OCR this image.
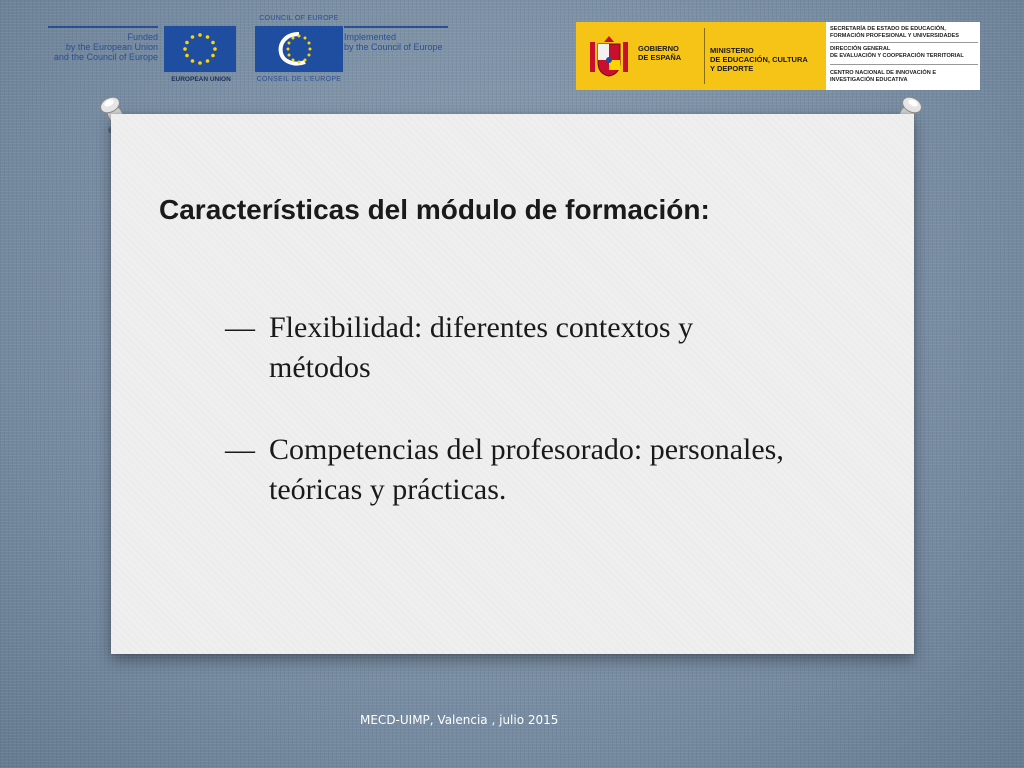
Funded
by the European Union
and the Council of Europe
EUROPEAN UNION
COUNCIL OF EUROPE
CONSEIL DE L'EUROPE
Implemented
by the Council of Europe	GOBIERNO
DE ESPAÑA
MINISTERIO
DE EDUCACIÓN, CULTURA
Y DEPORTE
SECRETARÍA DE ESTADO DE EDUCACIÓN,
FORMACIÓN PROFESIONAL Y UNIVERSIDADES
DIRECCIÓN GENERAL
DE EVALUACIÓN Y COOPERACIÓN TERRITORIAL
CENTRO NACIONAL DE INNOVACIÓN E
INVESTIGACIÓN EDUCATIVA
Características del módulo de formación:
— Flexibilidad: diferentes contextos y
métodos
— Competencias del profesorado: personales,
teóricas y prácticas.
MECD-UIMP, Valencia , julio 2015
